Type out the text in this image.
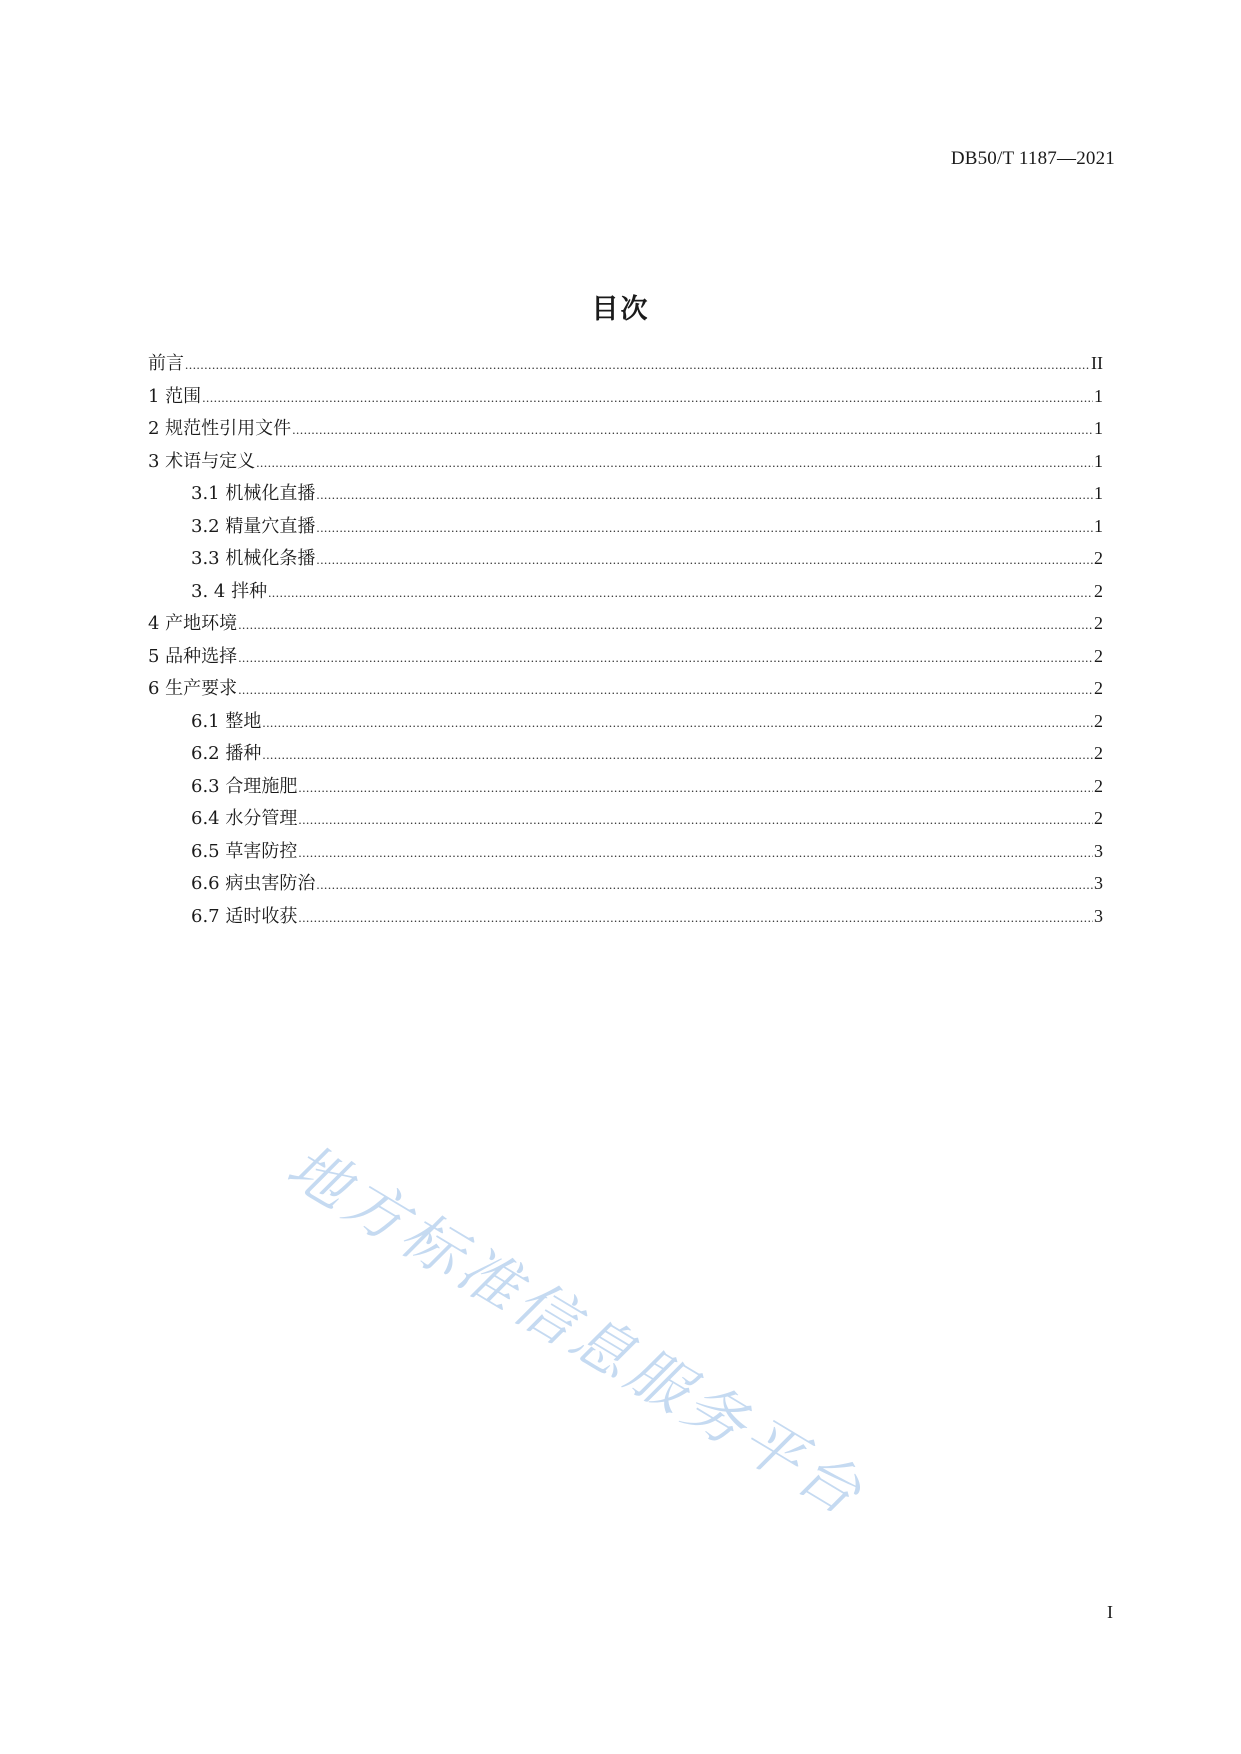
DB50/T 1187—2021
目次
前言 .....	II
1 范围 .....	1
2 规范性引用文件 .....	1
3 术语与定义 .....	1
3.1 机械化直播 .....	1
3.2 精量穴直播 .....	1
3.3 机械化条播 .....	2
3. 4 拌种 .....	2
4 产地环境 .....	2
5 品种选择 .....	2
6 生产要求 .....	2
6.1 整地 .....	2
6.2 播种 .....	2
6.3 合理施肥 .....	2
6.4 水分管理 .....	2
6.5 草害防控 .....	3
6.6 病虫害防治 .....	3
6.7 适时收获 .....	3
地方标准信息服务平台
I
